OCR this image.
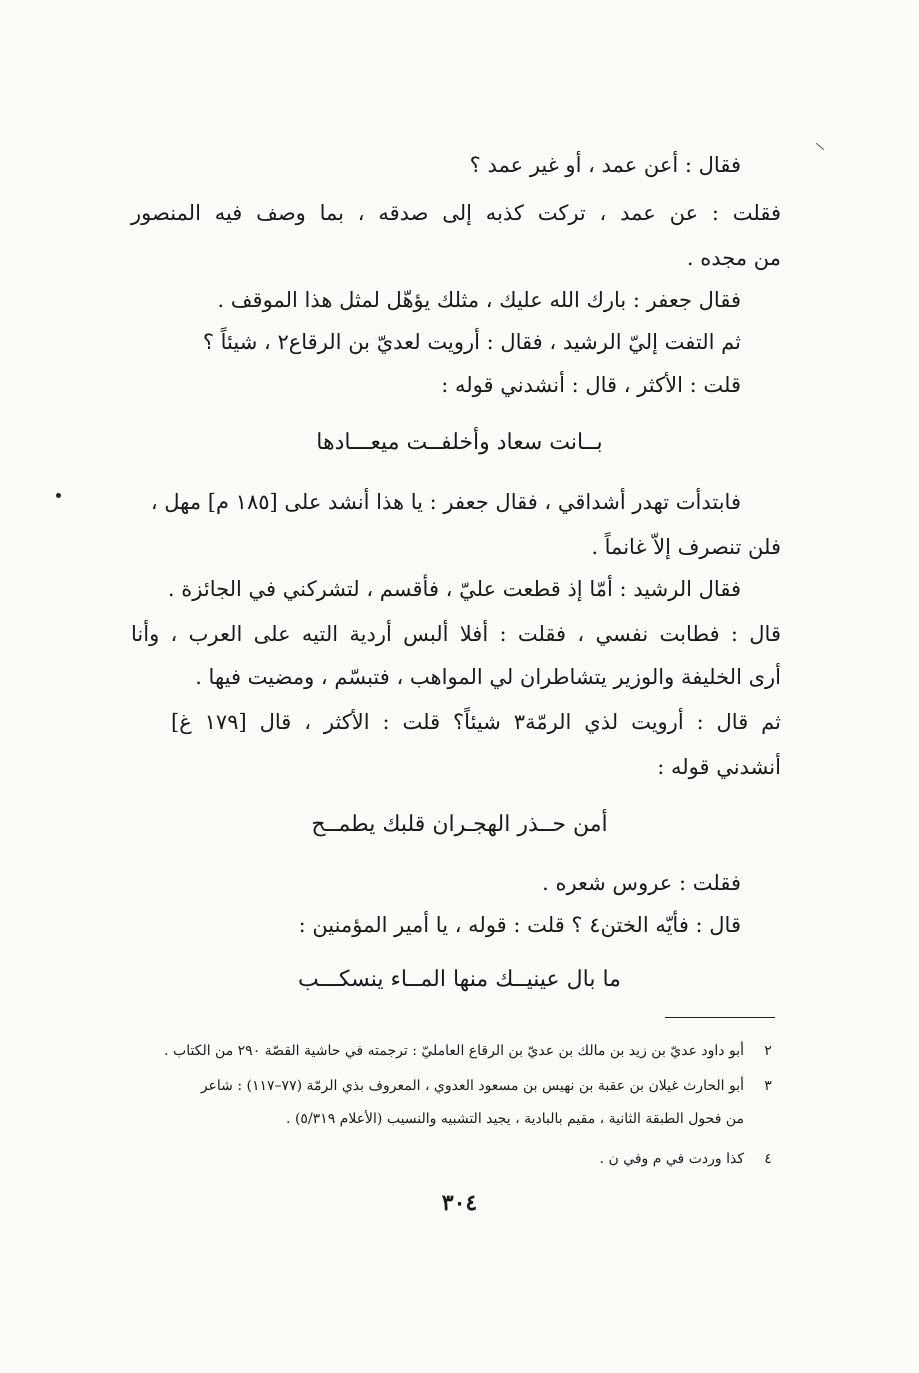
فقال : أعن عمد ، أو غير عمد ؟
فقلت : عن عمد ، تركت كذبه إلى صدقه ، بما وصف فيه المنصور
من مجده .
فقال جعفر : بارك الله عليك ، مثلك يؤهّل لمثل هذا الموقف .
ثم التفت إليّ الرشيد ، فقال : أرويت لعديّ بن الرقاع٢ ، شيئاً ؟
قلت : الأكثر ، قال : أنشدني قوله :
بــانت سعاد وأخلفــت ميعـــادها
فابتدأت تهدر أشداقي ، فقال جعفر : يا هذا أنشد على [١٨٥ م] مهل ،
فلن تنصرف إلاّ غانماً .
فقال الرشيد : أمّا إذ قطعت عليّ ، فأقسم ، لتشركني في الجائزة .
قال : فطابت نفسي ، فقلت : أفلا ألبس أردية التيه على العرب ، وأنا
أرى الخليفة والوزير يتشاطران لي المواهب ، فتبسّم ، ومضيت فيها .
ثم قال : أرويت لذي الرمّة٣ شيئاً؟ قلت : الأكثر ، قال [١٧٩ غ]
أنشدني قوله :
أمن حــذر الهجـران قلبك يطمــح
فقلت : عروس شعره .
قال : فأيّه الختن٤ ؟ قلت : قوله ، يا أمير المؤمنين :
ما بال عينيــك منها المــاء ينسكـــب
٢
أبو داود عديّ بن زيد بن مالك بن عديّ بن الرقاع العامليّ : ترجمته في حاشية القصّة ٢٩٠ من الكتاب .
٣
أبو الحارث غيلان بن عقبة بن نهيس بن مسعود العدوي ، المعروف بذي الرمّة (٧٧–١١٧) : شاعر
من فحول الطبقة الثانية ، مقيم بالبادية ، يجيد التشبيه والنسيب (الأعلام ٥/٣١٩) .
٤
كذا وردت في م وفي ن .
٣٠٤
